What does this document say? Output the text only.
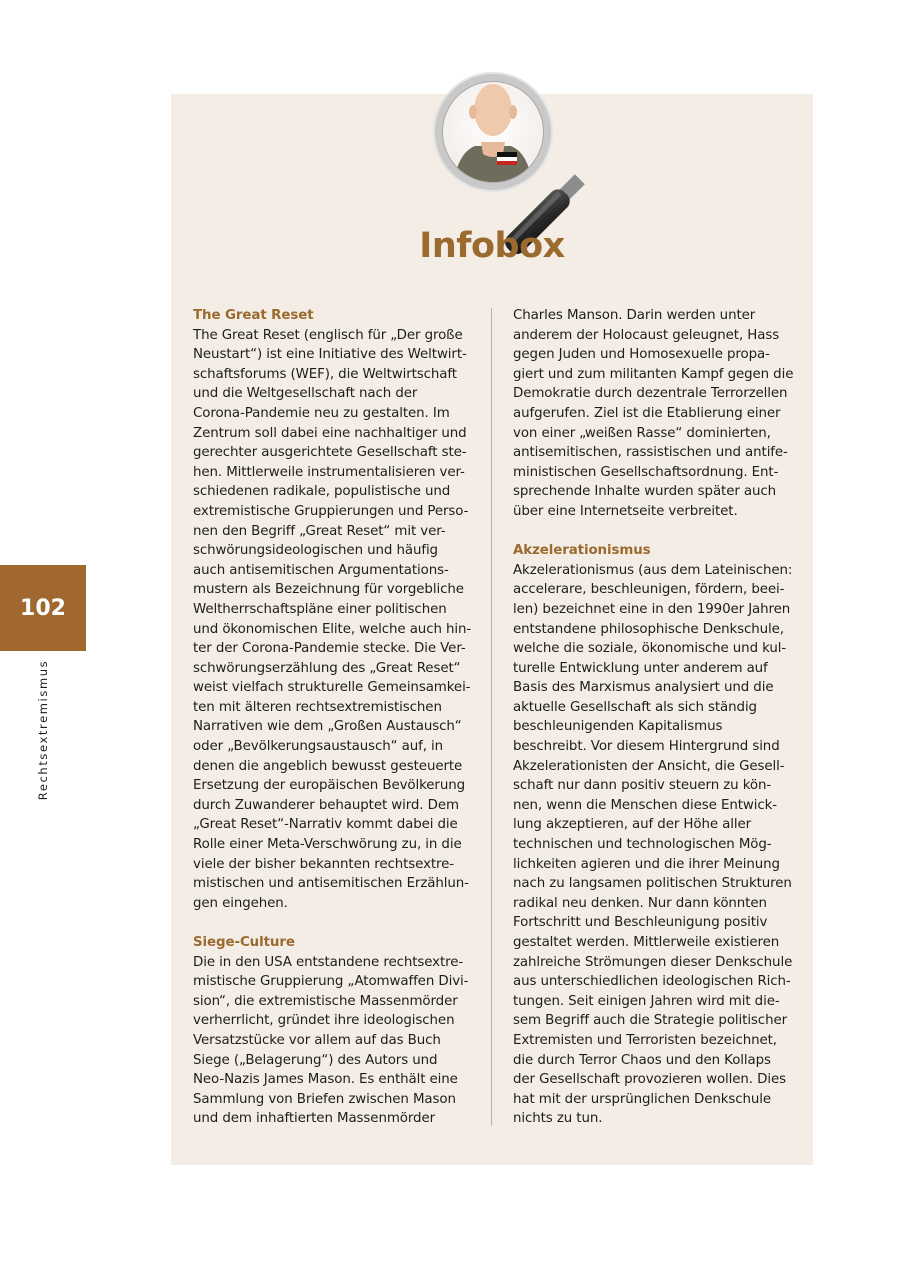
Infobox
The Great Reset
The Great Reset (englisch für „Der große
Neustart“) ist eine Initiative des Weltwirt-
schaftsforums (WEF), die Weltwirtschaft
und die Weltgesellschaft nach der
Corona-Pandemie neu zu gestalten. Im
Zentrum soll dabei eine nachhaltiger und
gerechter ausgerichtete Gesellschaft ste-
hen. Mittlerweile instrumentalisieren ver-
schiedenen radikale, populistische und
extremistische Gruppierungen und Perso-
nen den Begriff „Great Reset“ mit ver-
schwörungsideologischen und häufig
auch antisemitischen Argumentations-
mustern als Bezeichnung für vorgebliche
Weltherrschaftspläne einer politischen
und ökonomischen Elite, welche auch hin-
ter der Corona-Pandemie stecke. Die Ver-
schwörungserzählung des „Great Reset“
weist vielfach strukturelle Gemeinsamkei-
ten mit älteren rechtsextremistischen
Narrativen wie dem „Großen Austausch“
oder „Bevölkerungsaustausch“ auf, in
denen die angeblich bewusst gesteuerte
Ersetzung der europäischen Bevölkerung
durch Zuwanderer behauptet wird. Dem
„Great Reset“-Narrativ kommt dabei die
Rolle einer Meta-Verschwörung zu, in die
viele der bisher bekannten rechtsextre-
mistischen und antisemitischen Erzählun-
gen eingehen.
Siege-Culture
Die in den USA entstandene rechtsextre-
mistische Gruppierung „Atomwaffen Divi-
sion“, die extremistische Massenmörder
verherrlicht, gründet ihre ideologischen
Versatzstücke vor allem auf das Buch
Siege („Belagerung“) des Autors und
Neo-Nazis James Mason. Es enthält eine
Sammlung von Briefen zwischen Mason
und dem inhaftierten Massenmörder
Charles Manson. Darin werden unter
anderem der Holocaust geleugnet, Hass
gegen Juden und Homosexuelle propa-
giert und zum militanten Kampf gegen die
Demokratie durch dezentrale Terrorzellen
aufgerufen. Ziel ist die Etablierung einer
von einer „weißen Rasse“ dominierten,
antisemitischen, rassistischen und antife-
ministischen Gesellschaftsordnung. Ent-
sprechende Inhalte wurden später auch
über eine Internetseite verbreitet.
Akzelerationismus
Akzelerationismus (aus dem Lateinischen:
accelerare, beschleunigen, fördern, beei-
len) bezeichnet eine in den 1990er Jahren
entstandene philosophische Denkschule,
welche die soziale, ökonomische und kul-
turelle Entwicklung unter anderem auf
Basis des Marxismus analysiert und die
aktuelle Gesellschaft als sich ständig
beschleunigenden Kapitalismus
beschreibt. Vor diesem Hintergrund sind
Akzelerationisten der Ansicht, die Gesell-
schaft nur dann positiv steuern zu kön-
nen, wenn die Menschen diese Entwick-
lung akzeptieren, auf der Höhe aller
technischen und technologischen Mög-
lichkeiten agieren und die ihrer Meinung
nach zu langsamen politischen Strukturen
radikal neu denken. Nur dann könnten
Fortschritt und Beschleunigung positiv
gestaltet werden. Mittlerweile existieren
zahlreiche Strömungen dieser Denkschule
aus unterschiedlichen ideologischen Rich-
tungen. Seit einigen Jahren wird mit die-
sem Begriff auch die Strategie politischer
Extremisten und Terroristen bezeichnet,
die durch Terror Chaos und den Kollaps
der Gesellschaft provozieren wollen. Dies
hat mit der ursprünglichen Denkschule
nichts zu tun.
102
Rechtsextremismus
